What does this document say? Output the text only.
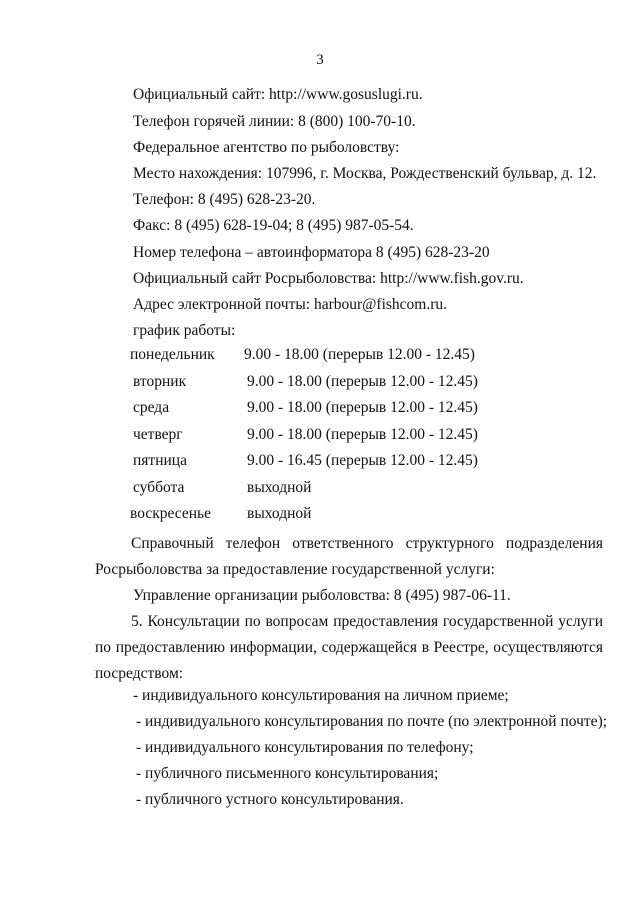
3
Официальный сайт: http://www.gosuslugi.ru.
Телефон горячей линии: 8 (800) 100-70-10.
Федеральное агентство по рыболовству:
Место нахождения: 107996, г. Москва, Рождественский бульвар, д. 12.
Телефон: 8 (495) 628-23-20.
Факс: 8 (495) 628-19-04; 8 (495) 987-05-54.
Номер телефона – автоинформатора 8 (495) 628-23-20
Официальный сайт Росрыболовства: http://www.fish.gov.ru.
Адрес электронной почты: harbour@fishcom.ru.
график работы:
понедельник 9.00 - 18.00 (перерыв 12.00 - 12.45)
вторник	9.00 - 18.00 (перерыв 12.00 - 12.45)
среда	9.00 - 18.00 (перерыв 12.00 - 12.45)
четверг	9.00 - 18.00 (перерыв 12.00 - 12.45)
пятница	9.00 - 16.45 (перерыв 12.00 - 12.45)
суббота	выходной
воскресенье выходной
Справочный телефон ответственного структурного подразделения
Росрыболовства за предоставление государственной услуги:
Управление организации рыболовства: 8 (495) 987-06-11.
5. Консультации по вопросам предоставления государственной услуги
по предоставлению информации, содержащейся в Реестре, осуществляются
посредством:
- индивидуального консультирования на личном приеме;
- индивидуального консультирования по почте (по электронной почте);
- индивидуального консультирования по телефону;
- публичного письменного консультирования;
- публичного устного консультирования.
